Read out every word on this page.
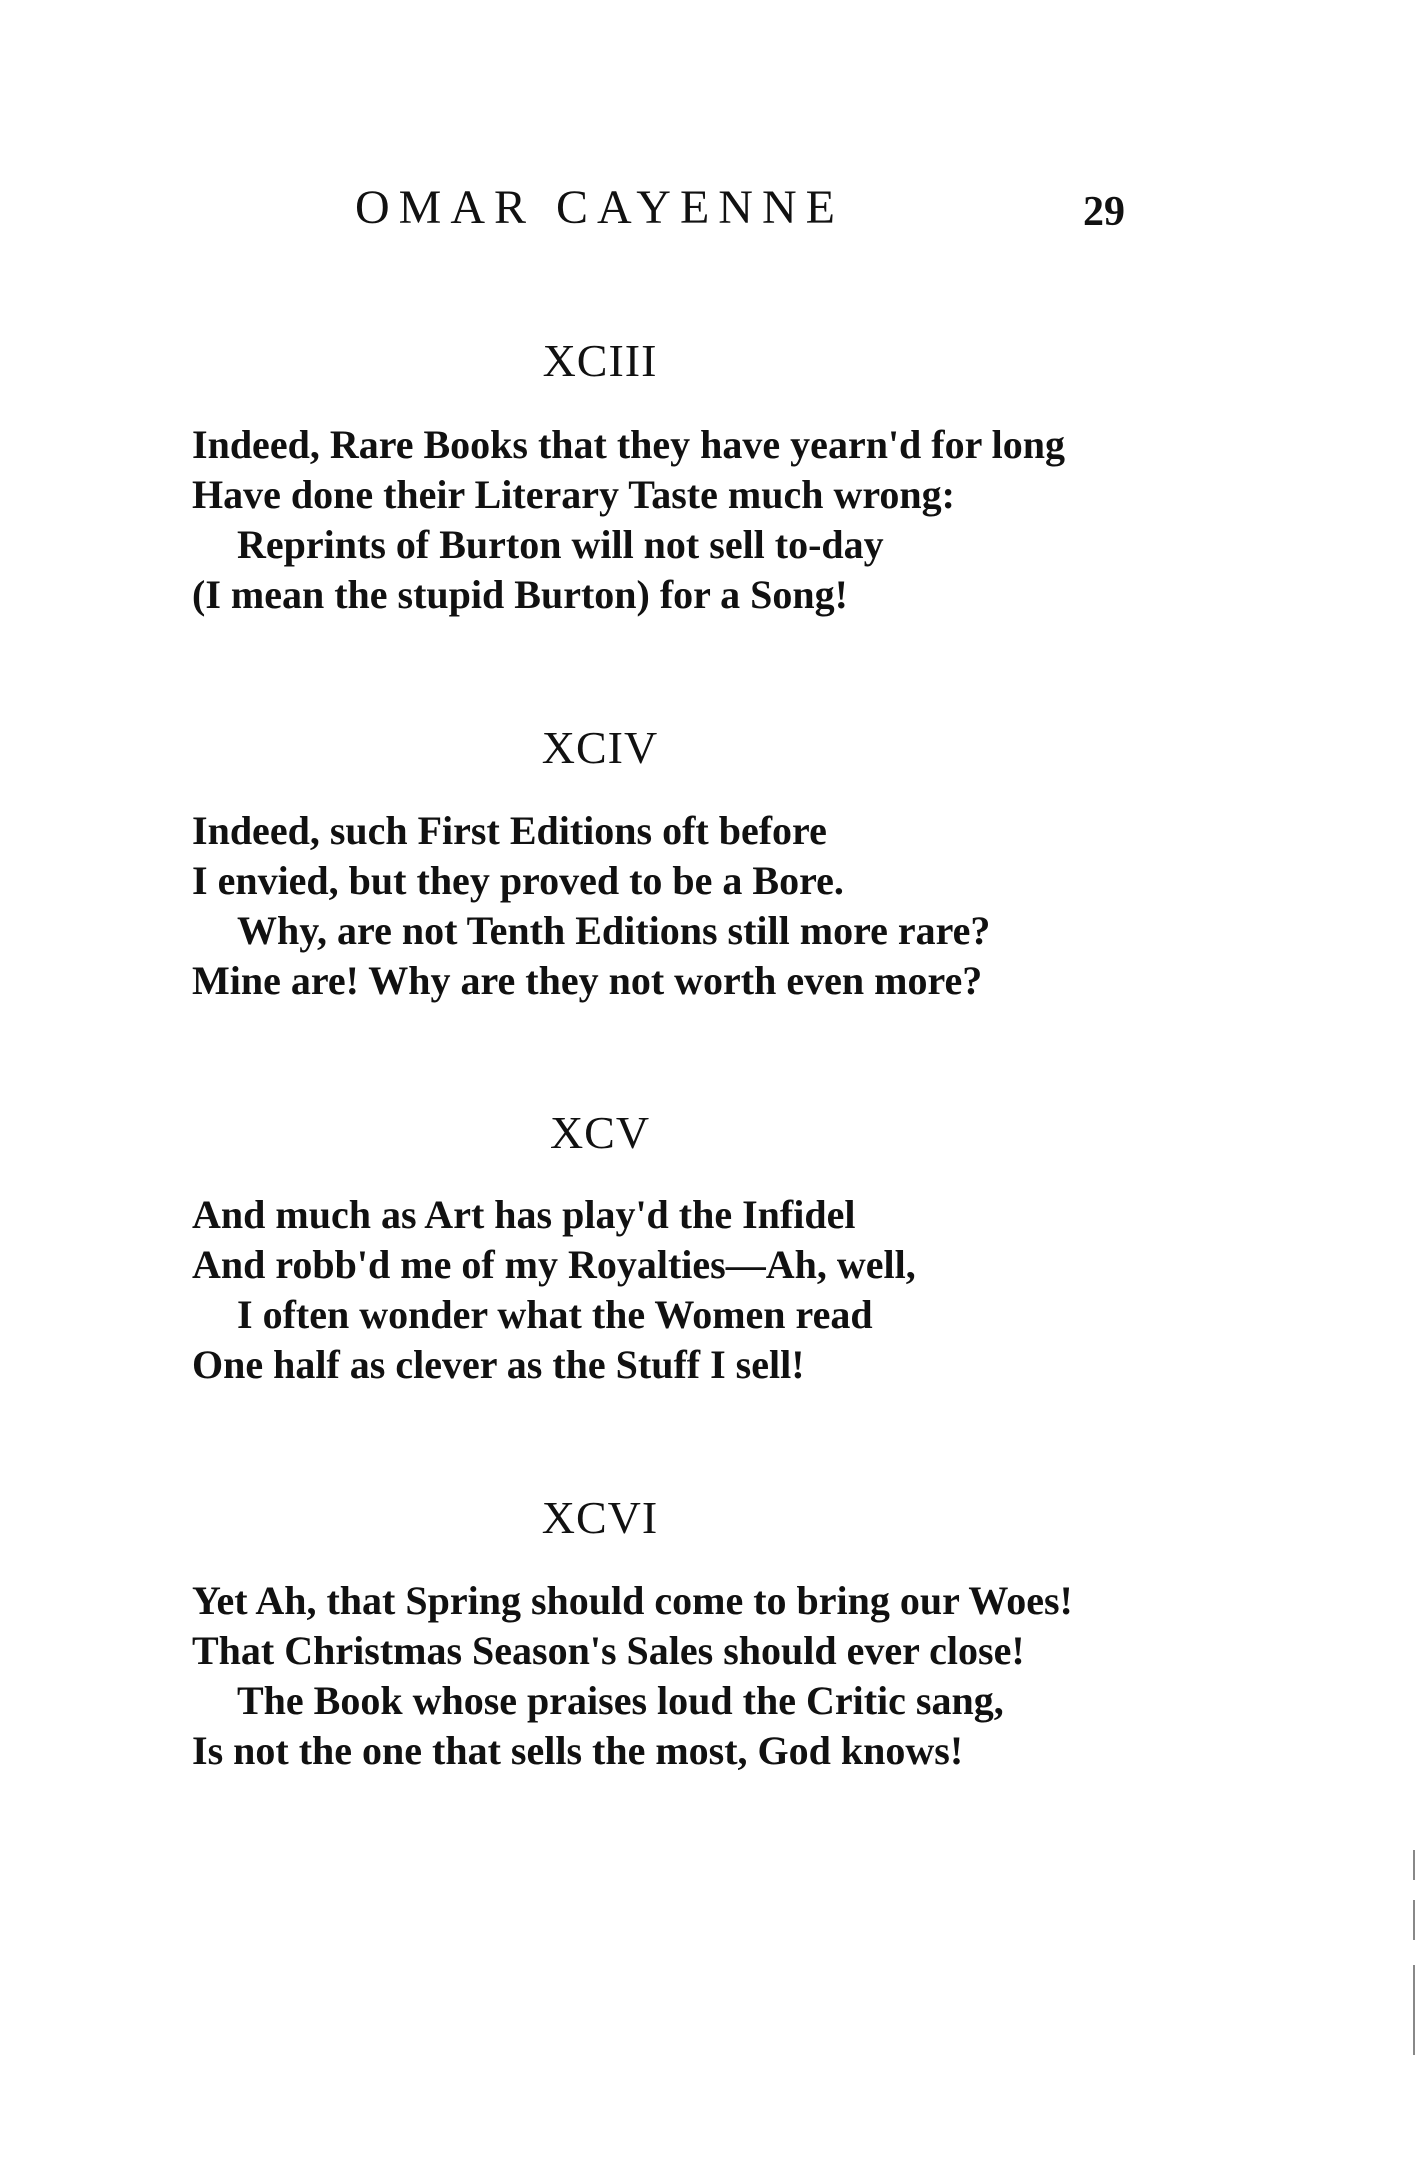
OMAR CAYENNE	29
XCIII
Indeed, Rare Books that they have yearn'd for long
Have done their Literary Taste much wrong:
Reprints of Burton will not sell to-day
(I mean the stupid Burton) for a Song!
XCIV
Indeed, such First Editions oft before
I envied, but they proved to be a Bore.
Why, are not Tenth Editions still more rare?
Mine are! Why are they not worth even more?
XCV
And much as Art has play'd the Infidel
And robb'd me of my Royalties—Ah, well,
I often wonder what the Women read
One half as clever as the Stuff I sell!
XCVI
Yet Ah, that Spring should come to bring our Woes!
That Christmas Season's Sales should ever close!
The Book whose praises loud the Critic sang,
Is not the one that sells the most, God knows!
